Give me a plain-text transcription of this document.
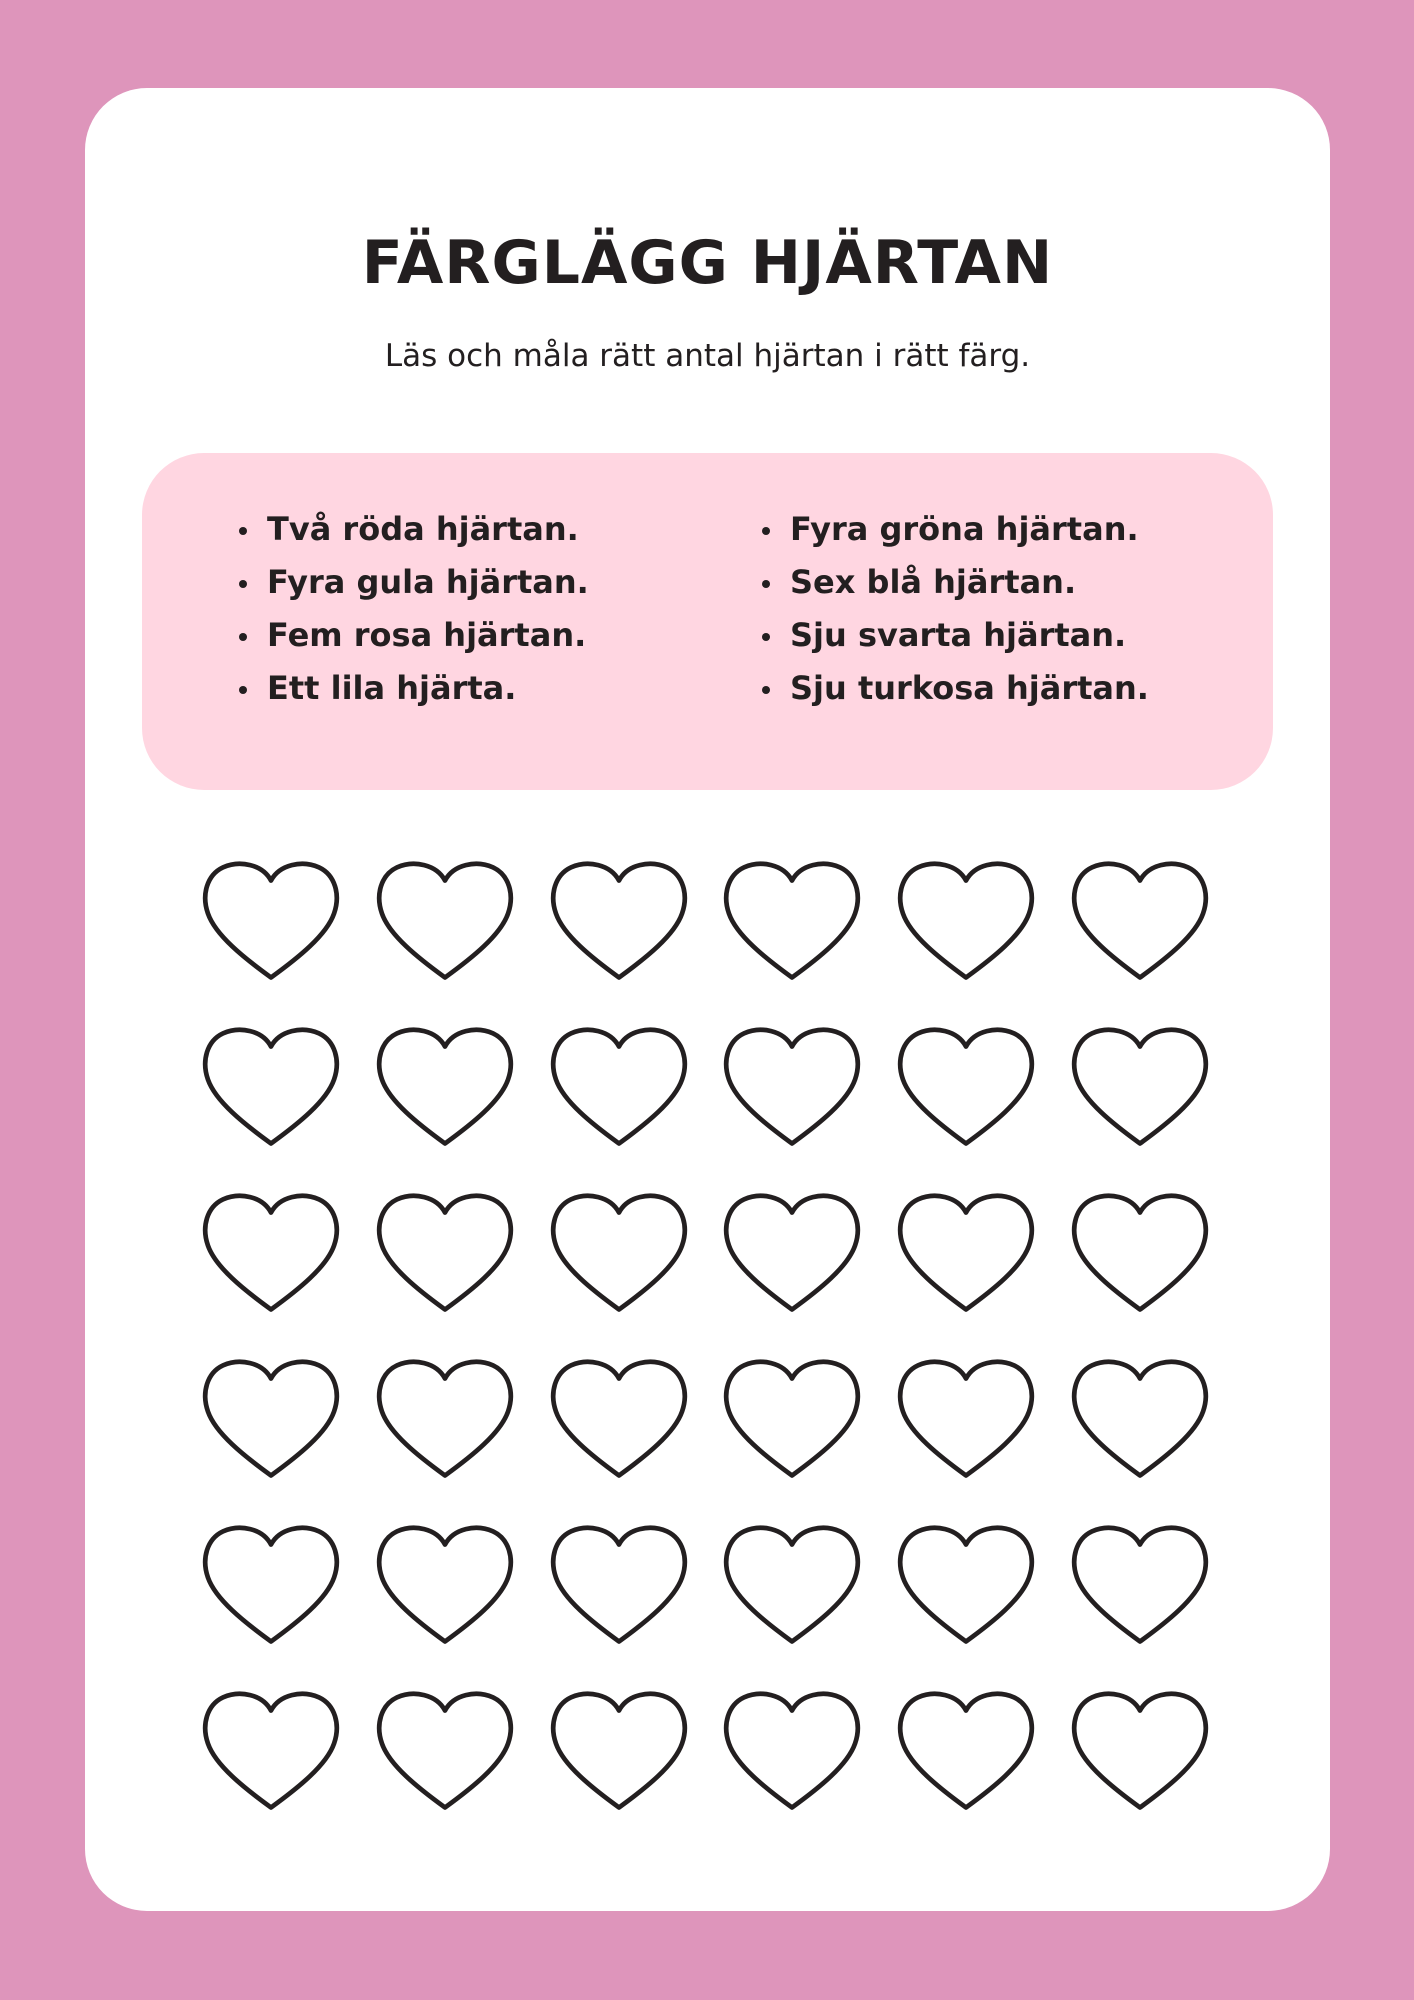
FÄRGLÄGG HJÄRTAN

Läs och måla rätt antal hjärtan i rätt färg.

Två röda hjärtan.
Fyra gula hjärtan.
Fem rosa hjärtan.
Ett lila hjärta.
Fyra gröna hjärtan.
Sex blå hjärtan.
Sju svarta hjärtan.
Sju turkosa hjärtan.
